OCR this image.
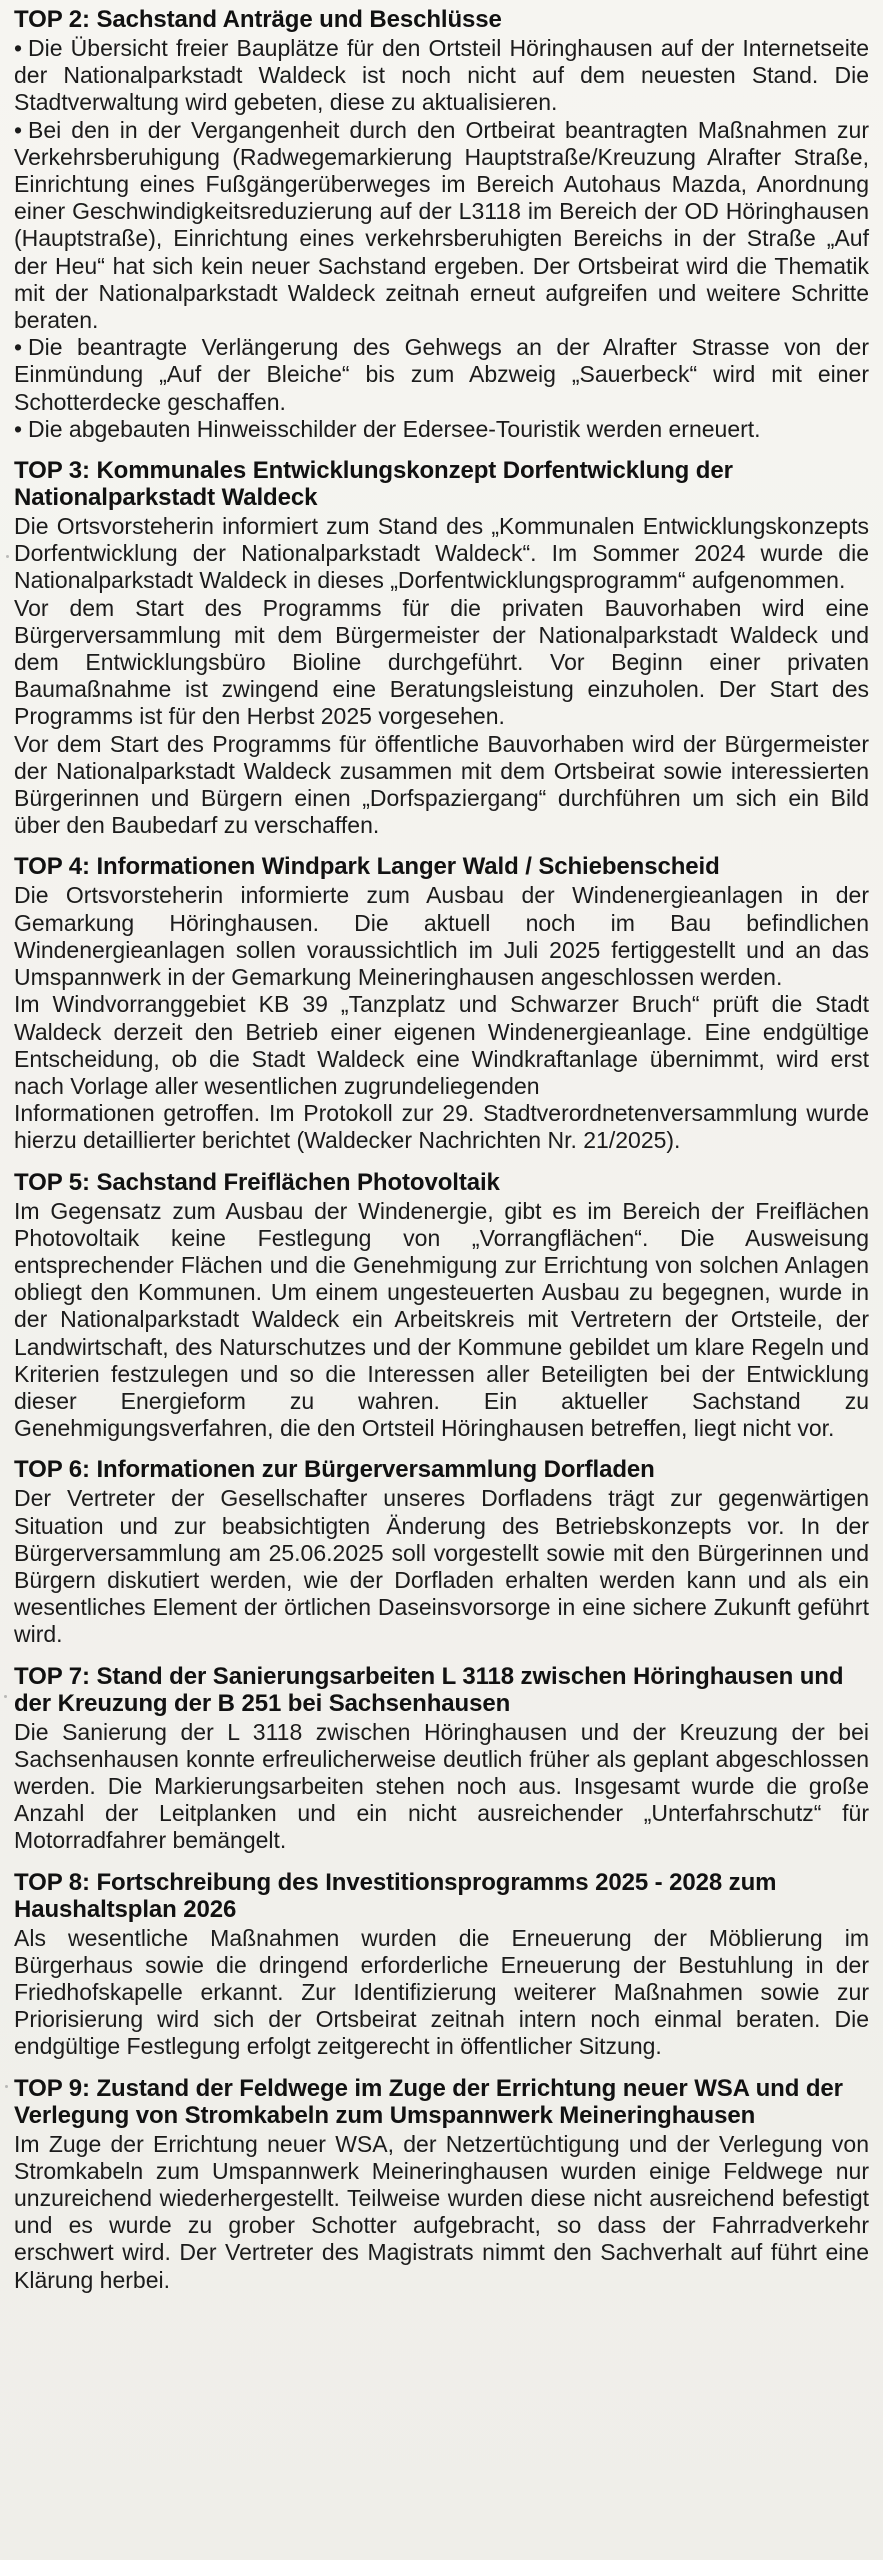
TOP 2: Sachstand Anträge und Beschlüsse

• Die Übersicht freier Bauplätze für den Ortsteil Höringhausen auf der Internetseite der Nationalparkstadt Waldeck ist noch nicht auf dem neuesten Stand. Die Stadtverwaltung wird gebeten, diese zu aktualisieren.

• Bei den in der Vergangenheit durch den Ortbeirat beantragten Maßnahmen zur Verkehrsberuhigung (Radwegemarkierung Hauptstraße/Kreuzung Alrafter Straße, Einrichtung eines Fußgängerüberweges im Bereich Autohaus Mazda, Anordnung einer Geschwindigkeitsreduzierung auf der L3118 im Bereich der OD Höringhausen (Hauptstraße), Einrichtung eines verkehrsberuhigten Bereichs in der Straße „Auf der Heu“ hat sich kein neuer Sachstand ergeben. Der Ortsbeirat wird die Thematik mit der Nationalparkstadt Waldeck zeitnah erneut aufgreifen und weitere Schritte beraten.

• Die beantragte Verlängerung des Gehwegs an der Alrafter Strasse von der Einmündung „Auf der Bleiche“ bis zum Abzweig „Sauerbeck“ wird mit einer Schotterdecke geschaffen.

• Die abgebauten Hinweisschilder der Edersee-Touristik werden erneuert.

TOP 3: Kommunales Entwicklungskonzept Dorfentwicklung der Nationalparkstadt Waldeck

Die Ortsvorsteherin informiert zum Stand des „Kommunalen Entwicklungskonzepts Dorfentwicklung der Nationalparkstadt Waldeck“. Im Sommer 2024 wurde die Nationalparkstadt Waldeck in dieses „Dorfentwicklungsprogramm“ aufgenommen.

Vor dem Start des Programms für die privaten Bauvorhaben wird eine Bürgerversammlung mit dem Bürgermeister der Nationalparkstadt Waldeck und dem Entwicklungsbüro Bioline durchgeführt. Vor Beginn einer privaten Baumaßnahme ist zwingend eine Beratungsleistung einzuholen. Der Start des Programms ist für den Herbst 2025 vorgesehen.

Vor dem Start des Programms für öffentliche Bauvorhaben wird der Bürgermeister der Nationalparkstadt Waldeck zusammen mit dem Ortsbeirat sowie interessierten Bürgerinnen und Bürgern einen „Dorfspaziergang“ durchführen um sich ein Bild über den Baubedarf zu verschaffen.

TOP 4: Informationen Windpark Langer Wald / Schiebenscheid

Die Ortsvorsteherin informierte zum Ausbau der Windenergieanlagen in der Gemarkung Höringhausen. Die aktuell noch im Bau befindlichen Windenergieanlagen sollen voraussichtlich im Juli 2025 fertiggestellt und an das Umspannwerk in der Gemarkung Meineringhausen angeschlossen werden.

Im Windvorranggebiet KB 39 „Tanzplatz und Schwarzer Bruch“ prüft die Stadt Waldeck derzeit den Betrieb einer eigenen Windenergieanlage. Eine endgültige Entscheidung, ob die Stadt Waldeck eine Windkraftanlage übernimmt, wird erst nach Vorlage aller wesentlichen zugrundeliegenden

Informationen getroffen. Im Protokoll zur 29. Stadtverordnetenversammlung wurde hierzu detaillierter berichtet (Waldecker Nachrichten Nr. 21/2025).

TOP 5: Sachstand Freiflächen Photovoltaik

Im Gegensatz zum Ausbau der Windenergie, gibt es im Bereich der Freiflächen Photovoltaik keine Festlegung von „Vorrangflächen“. Die Ausweisung entsprechender Flächen und die Genehmigung zur Errichtung von solchen Anlagen obliegt den Kommunen. Um einem ungesteuerten Ausbau zu begegnen, wurde in der Nationalparkstadt Waldeck ein Arbeitskreis mit Vertretern der Ortsteile, der Landwirtschaft, des Naturschutzes und der Kommune gebildet um klare Regeln und Kriterien festzulegen und so die Interessen aller Beteiligten bei der Entwicklung dieser Energieform zu wahren. Ein aktueller Sachstand zu Genehmigungsverfahren, die den Ortsteil Höringhausen betreffen, liegt nicht vor.

TOP 6: Informationen zur Bürgerversammlung Dorfladen

Der Vertreter der Gesellschafter unseres Dorfladens trägt zur gegenwärtigen Situation und zur beabsichtigten Änderung des Betriebskonzepts vor. In der Bürgerversammlung am 25.06.2025 soll vorgestellt sowie mit den Bürgerinnen und Bürgern diskutiert werden, wie der Dorfladen erhalten werden kann und als ein wesentliches Element der örtlichen Daseinsvorsorge in eine sichere Zukunft geführt wird.

TOP 7: Stand der Sanierungsarbeiten L 3118 zwischen Höringhausen und der Kreuzung der B 251 bei Sachsenhausen

Die Sanierung der L 3118 zwischen Höringhausen und der Kreuzung der bei Sachsenhausen konnte erfreulicherweise deutlich früher als geplant abgeschlossen werden. Die Markierungsarbeiten stehen noch aus. Insgesamt wurde die große Anzahl der Leitplanken und ein nicht ausreichender „Unterfahrschutz“ für Motorradfahrer bemängelt.

TOP 8: Fortschreibung des Investitionsprogramms 2025 - 2028 zum Haushaltsplan 2026

Als wesentliche Maßnahmen wurden die Erneuerung der Möblierung im Bürgerhaus sowie die dringend erforderliche Erneuerung der Bestuhlung in der Friedhofskapelle erkannt. Zur Identifizierung weiterer Maßnahmen sowie zur Priorisierung wird sich der Ortsbeirat zeitnah intern noch einmal beraten. Die endgültige Festlegung erfolgt zeitgerecht in öffentlicher Sitzung.

TOP 9: Zustand der Feldwege im Zuge der Errichtung neuer WSA und der Verlegung von Stromkabeln zum Umspannwerk Meineringhausen

Im Zuge der Errichtung neuer WSA, der Netzertüchtigung und der Verlegung von Stromkabeln zum Umspannwerk Meineringhausen wurden einige Feldwege nur unzureichend wiederhergestellt. Teilweise wurden diese nicht ausreichend befestigt und es wurde zu grober Schotter aufgebracht, so dass der Fahrradverkehr erschwert wird. Der Vertreter des Magistrats nimmt den Sachverhalt auf führt eine Klärung herbei.
